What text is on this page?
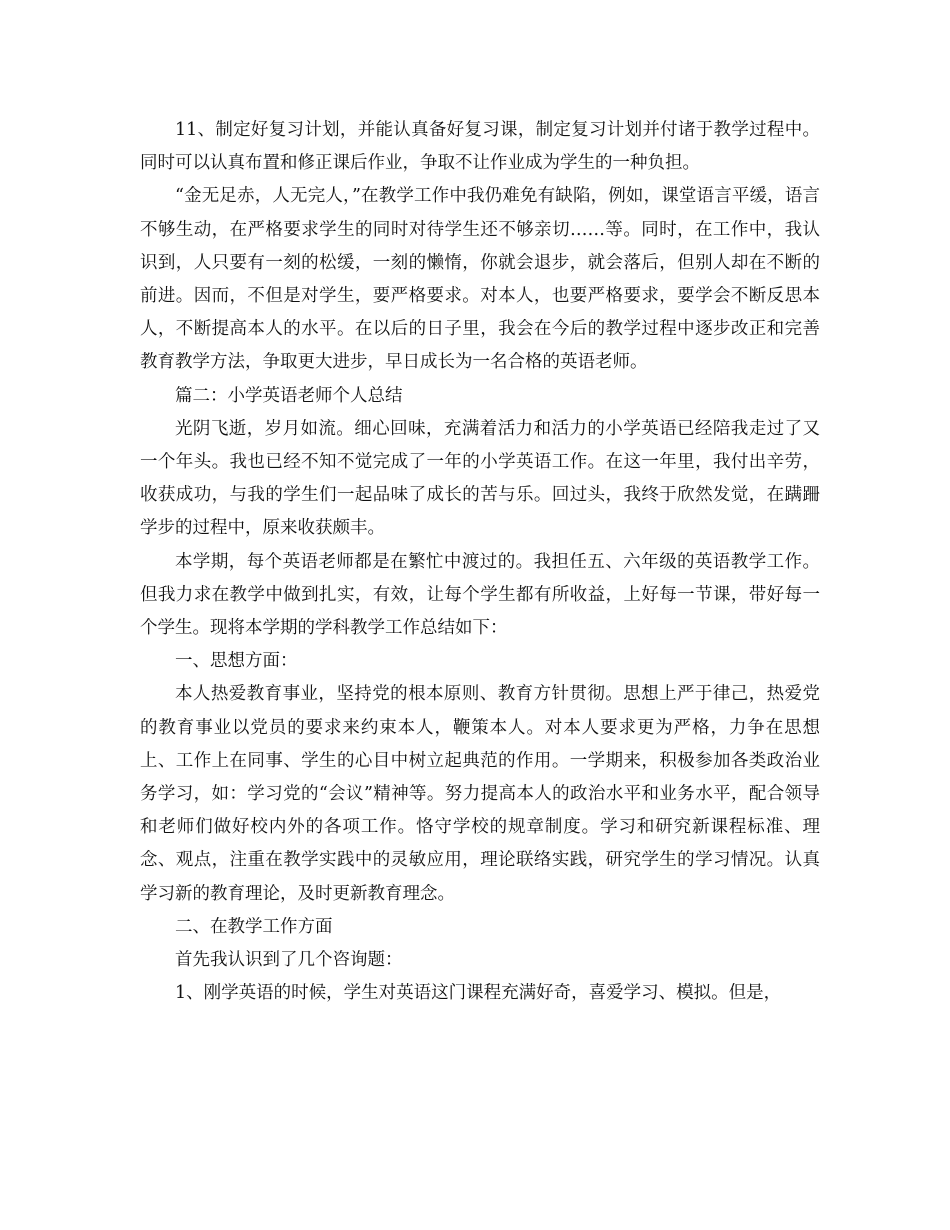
11、制定好复习计划，并能认真备好复习课，制定复习计划并付诸于教学过程中。同时可以认真布置和修正课后作业，争取不让作业成为学生的一种负担。

“金无足赤，人无完人，”在教学工作中我仍难免有缺陷，例如，课堂语言平缓，语言不够生动，在严格要求学生的同时对待学生还不够亲切……等。同时，在工作中，我认识到，人只要有一刻的松缓，一刻的懒惰，你就会退步，就会落后，但别人却在不断的前进。因而，不但是对学生，要严格要求。对本人，也要严格要求，要学会不断反思本人，不断提高本人的水平。在以后的日子里，我会在今后的教学过程中逐步改正和完善教育教学方法，争取更大进步，早日成长为一名合格的英语老师。

篇二：小学英语老师个人总结

光阴飞逝，岁月如流。细心回味，充满着活力和活力的小学英语已经陪我走过了又一个年头。我也已经不知不觉完成了一年的小学英语工作。在这一年里，我付出辛劳，收获成功，与我的学生们一起品味了成长的苦与乐。回过头，我终于欣然发觉，在蹒跚学步的过程中，原来收获颇丰。

本学期，每个英语老师都是在繁忙中渡过的。我担任五、六年级的英语教学工作。但我力求在教学中做到扎实，有效，让每个学生都有所收益，上好每一节课，带好每一个学生。现将本学期的学科教学工作总结如下：

一、思想方面：

本人热爱教育事业，坚持党的根本原则、教育方针贯彻。思想上严于律己，热爱党的教育事业以党员的要求来约束本人，鞭策本人。对本人要求更为严格，力争在思想上、工作上在同事、学生的心目中树立起典范的作用。一学期来，积极参加各类政治业务学习，如：学习党的“会议”精神等。努力提高本人的政治水平和业务水平，配合领导和老师们做好校内外的各项工作。恪守学校的规章制度。学习和研究新课程标准、理念、观点，注重在教学实践中的灵敏应用，理论联络实践，研究学生的学习情况。认真学习新的教育理论，及时更新教育理念。

二、在教学工作方面

首先我认识到了几个咨询题：

1、刚学英语的时候，学生对英语这门课程充满好奇，喜爱学习、模拟。但是，
